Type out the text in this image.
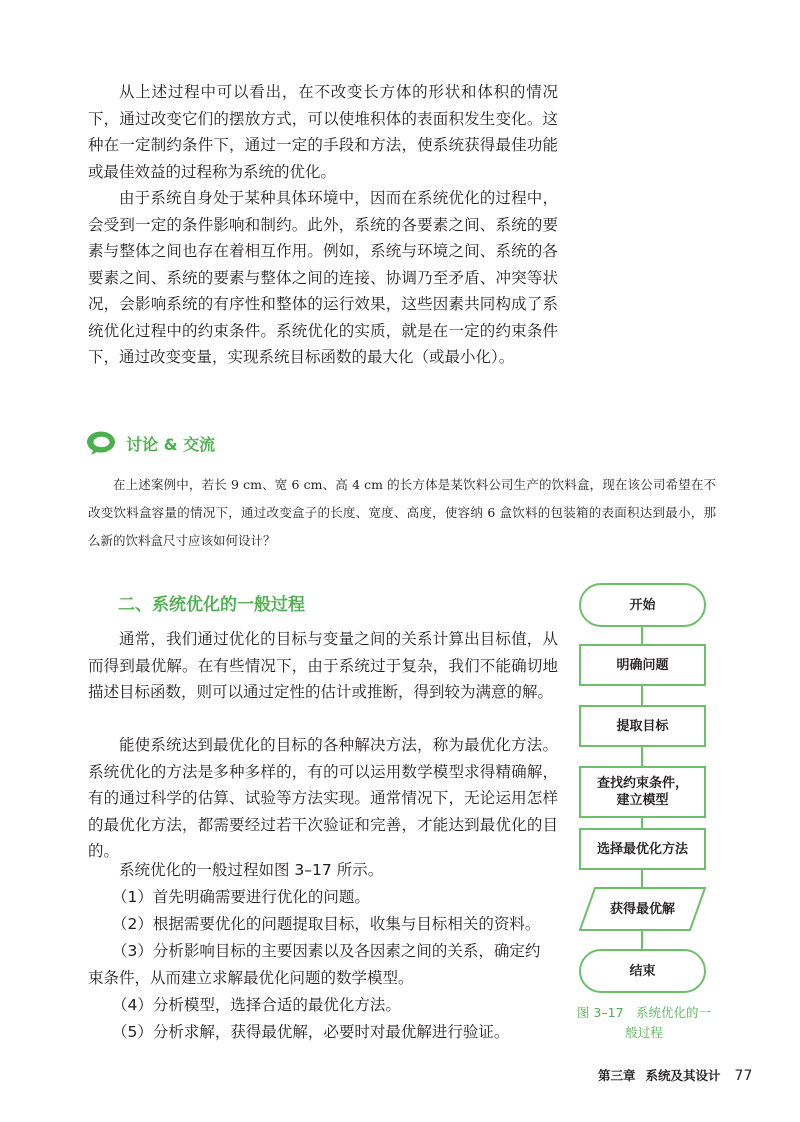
从上述过程中可以看出，在不改变长方体的形状和体积的情况下，通过改变它们的摆放方式，可以使堆积体的表面积发生变化。这种在一定制约条件下，通过一定的手段和方法，使系统获得最佳功能或最佳效益的过程称为系统的优化。

由于系统自身处于某种具体环境中，因而在系统优化的过程中，会受到一定的条件影响和制约。此外，系统的各要素之间、系统的要素与整体之间也存在着相互作用。例如，系统与环境之间、系统的各要素之间、系统的要素与整体之间的连接、协调乃至矛盾、冲突等状况，会影响系统的有序性和整体的运行效果，这些因素共同构成了系统优化过程中的约束条件。系统优化的实质，就是在一定的约束条件下，通过改变变量，实现系统目标函数的最大化（或最小化）。

讨论 & 交流

在上述案例中，若长 9 cm、宽 6 cm、高 4 cm 的长方体是某饮料公司生产的饮料盒，现在该公司希望在不改变饮料盒容量的情况下，通过改变盒子的长度、宽度、高度，使容纳 6 盒饮料的包装箱的表面积达到最小，那么新的饮料盒尺寸应该如何设计？

二、系统优化的一般过程

通常，我们通过优化的目标与变量之间的关系计算出目标值，从而得到最优解。在有些情况下，由于系统过于复杂，我们不能确切地描述目标函数，则可以通过定性的估计或推断，得到较为满意的解。

能使系统达到最优化的目标的各种解决方法，称为最优化方法。系统优化的方法是多种多样的，有的可以运用数学模型求得精确解，有的通过科学的估算、试验等方法实现。通常情况下，无论运用怎样的最优化方法，都需要经过若干次验证和完善，才能达到最优化的目的。

系统优化的一般过程如图 3–17 所示。

（1）首先明确需要进行优化的问题。
（2）根据需要优化的问题提取目标，收集与目标相关的资料。
（3）分析影响目标的主要因素以及各因素之间的关系，确定约
束条件，从而建立求解最优化问题的数学模型。
（4）分析模型，选择合适的最优化方法。
（5）分析求解，获得最优解，必要时对最优解进行验证。
开始
明确问题
提取目标
查找约束条件，
建立模型
选择最优化方法
获得最优解
结束
图 3–17　系统优化的一
般过程
第三章 系统及其设计 77
